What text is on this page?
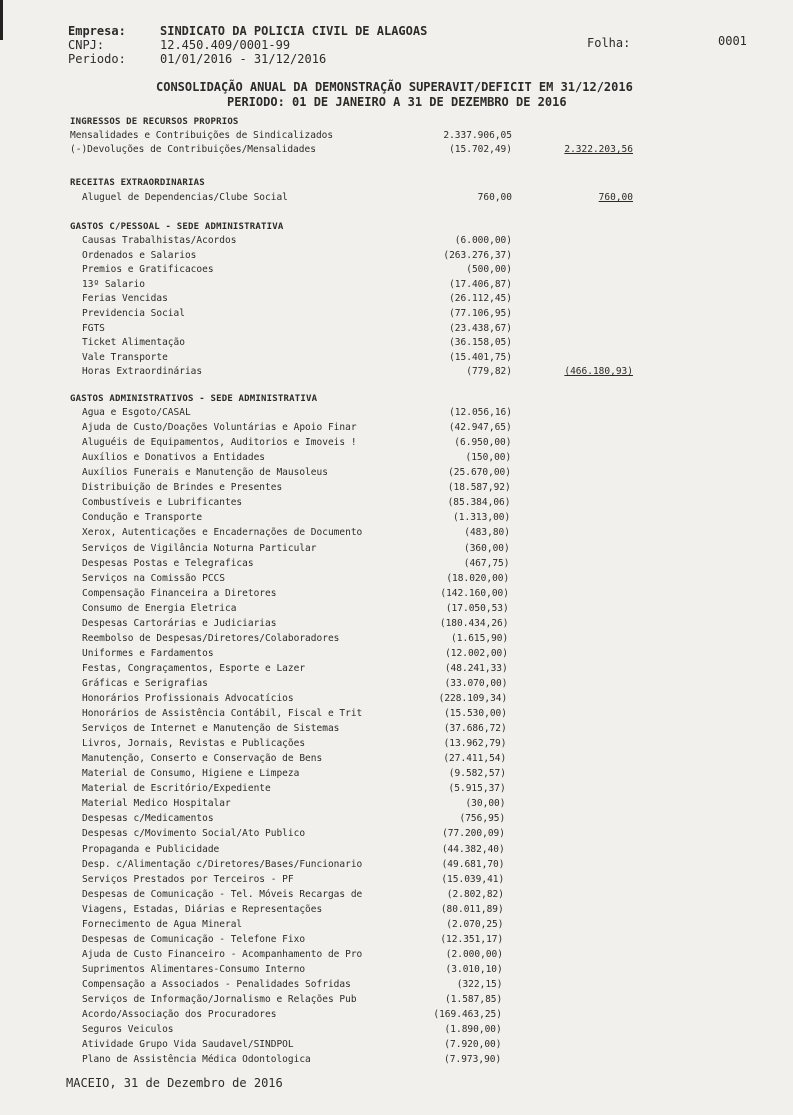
Empresa:	SINDICATO DA POLICIA CIVIL DE ALAGOAS
CNPJ:	12.450.409/0001-99
Periodo:	01/01/2016 - 31/12/2016
Folha:	0001
CONSOLIDAÇÃO ANUAL DA DEMONSTRAÇÃO SUPERAVIT/DEFICIT EM 31/12/2016
PERIODO: 01 DE JANEIRO A 31 DE DEZEMBRO DE 2016
INGRESSOS DE RECURSOS PROPRIOS
Mensalidades e Contribuições de Sindicalizados	2.337.906,05
(-)Devoluções de Contribuições/Mensalidades	(15.702,49)	2.322.203,56
RECEITAS EXTRAORDINARIAS
Aluguel de Dependencias/Clube Social	760,00	760,00
GASTOS C/PESSOAL - SEDE ADMINISTRATIVA
Causas Trabalhistas/Acordos	(6.000,00)
Ordenados e Salarios	(263.276,37)
Premios e Gratificacoes	(500,00)
13º Salario	(17.406,87)
Ferias Vencidas	(26.112,45)
Previdencia Social	(77.106,95)
FGTS	(23.438,67)
Ticket Alimentação	(36.158,05)
Vale Transporte	(15.401,75)
Horas Extraordinárias	(779,82)	(466.180,93)
GASTOS ADMINISTRATIVOS - SEDE ADMINISTRATIVA
Agua e Esgoto/CASAL	(12.056,16)
Ajuda de Custo/Doações Voluntárias e Apoio Finar	(42.947,65)
Aluguéis de Equipamentos, Auditorios e Imoveis !	(6.950,00)
Auxílios e Donativos a Entidades	(150,00)
Auxílios Funerais e Manutenção de Mausoleus	(25.670,00)
Distribuição de Brindes e Presentes	(18.587,92)
Combustíveis e Lubrificantes	(85.384,06)
Condução e Transporte	(1.313,00)
Xerox, Autenticações e Encadernações de Documento	(483,80)
Serviços de Vigilância Noturna Particular	(360,00)
Despesas Postas e Telegraficas	(467,75)
Serviços na Comissão PCCS	(18.020,00)
Compensação Financeira a Diretores	(142.160,00)
Consumo de Energia Eletrica	(17.050,53)
Despesas Cartorárias e Judiciarias	(180.434,26)
Reembolso de Despesas/Diretores/Colaboradores	(1.615,90)
Uniformes e Fardamentos	(12.002,00)
Festas, Congraçamentos, Esporte e Lazer	(48.241,33)
Gráficas e Serigrafias	(33.070,00)
Honorários Profissionais Advocatícios	(228.109,34)
Honorários de Assistência Contábil, Fiscal e Trit	(15.530,00)
Serviços de Internet e Manutenção de Sistemas	(37.686,72)
Livros, Jornais, Revistas e Publicações	(13.962,79)
Manutenção, Conserto e Conservação de Bens	(27.411,54)
Material de Consumo, Higiene e Limpeza	(9.582,57)
Material de Escritório/Expediente	(5.915,37)
Material Medico Hospitalar	(30,00)
Despesas c/Medicamentos	(756,95)
Despesas c/Movimento Social/Ato Publico	(77.200,09)
Propaganda e Publicidade	(44.382,40)
Desp. c/Alimentação c/Diretores/Bases/Funcionario	(49.681,70)
Serviços Prestados por Terceiros - PF	(15.039,41)
Despesas de Comunicação - Tel. Móveis Recargas de	(2.802,82)
Viagens, Estadas, Diárias e Representações	(80.011,89)
Fornecimento de Agua Mineral	(2.070,25)
Despesas de Comunicação - Telefone Fixo	(12.351,17)
Ajuda de Custo Financeiro - Acompanhamento de Pro	(2.000,00)
Suprimentos Alimentares-Consumo Interno	(3.010,10)
Compensação a Associados - Penalidades Sofridas	(322,15)
Serviços de Informação/Jornalismo e Relações Pub	(1.587,85)
Acordo/Associação dos Procuradores	(169.463,25)
Seguros Veiculos	(1.890,00)
Atividade Grupo Vida Saudavel/SINDPOL	(7.920,00)
Plano de Assistência Médica Odontologica	(7.973,90)
MACEIO, 31 de Dezembro de 2016
